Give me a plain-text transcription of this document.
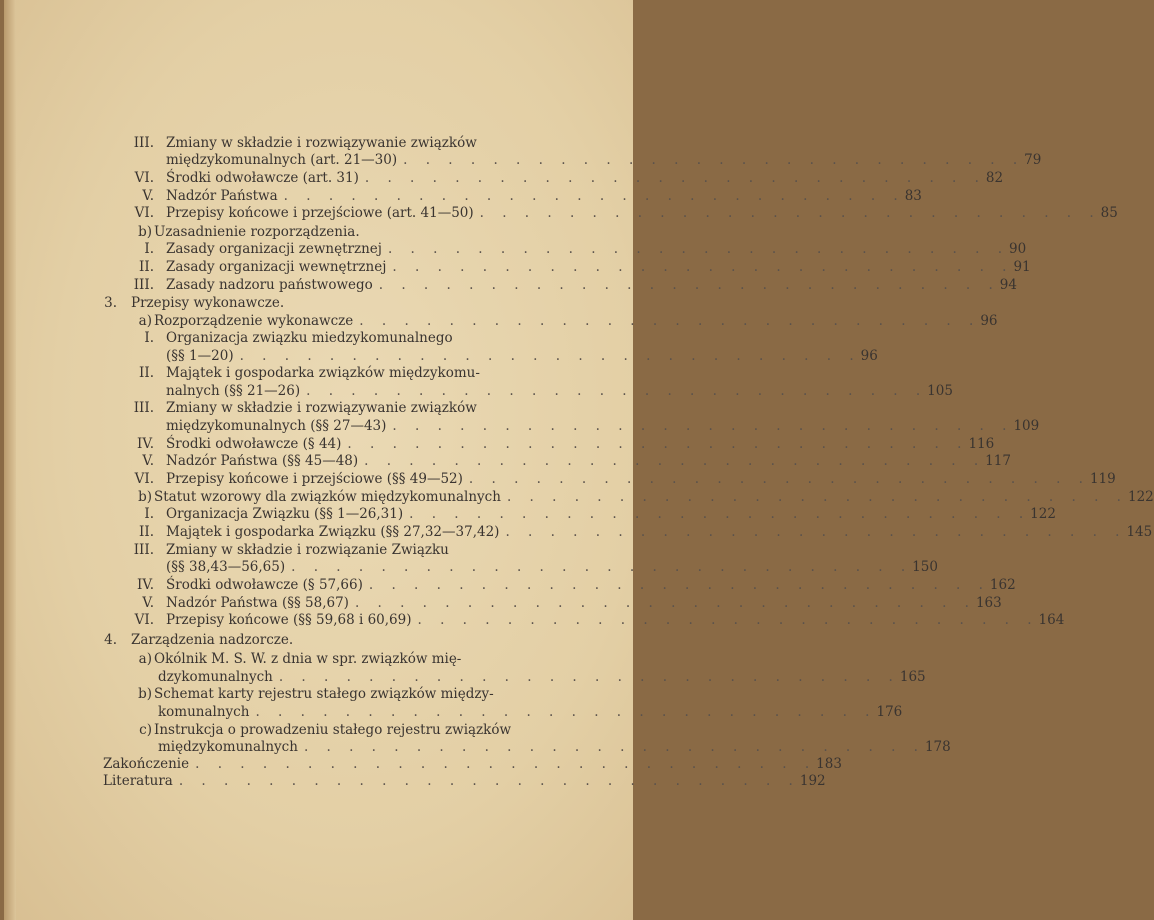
III. Zmiany w składzie i rozwiązywanie związków
międzykomunalnych (art. 21—30) . . . . . . . . . . . . . . . . . . . . . . . . . . . . 79
VI. Środki odwoławcze (art. 31) . . . . . . . . . . . . . . . . . . . . . . . . . . . . 82
V. Nadzór Państwa . . . . . . . . . . . . . . . . . . . . . . . . . . . . 83
VI. Przepisy końcowe i przejściowe (art. 41—50) . . . . . . . . . . . . . . . . . . . . . . . . . . . . 85
b) Uzasadnienie rozporządzenia.
I. Zasady organizacji zewnętrznej . . . . . . . . . . . . . . . . . . . . . . . . . . . . 90
II. Zasady organizacji wewnętrznej . . . . . . . . . . . . . . . . . . . . . . . . . . . . 91
III. Zasady nadzoru państwowego . . . . . . . . . . . . . . . . . . . . . . . . . . . . 94
3. Przepisy wykonawcze.
a) Rozporządzenie wykonawcze . . . . . . . . . . . . . . . . . . . . . . . . . . . . 96
I. Organizacja związku miedzykomunalnego
(§§ 1—20) . . . . . . . . . . . . . . . . . . . . . . . . . . . . 96
II. Majątek i gospodarka związków międzykomu-
nalnych (§§ 21—26) . . . . . . . . . . . . . . . . . . . . . . . . . . . . 105
III. Zmiany w składzie i rozwiązywanie związków
międzykomunalnych (§§ 27—43) . . . . . . . . . . . . . . . . . . . . . . . . . . . . 109
IV. Środki odwoławcze (§ 44) . . . . . . . . . . . . . . . . . . . . . . . . . . . . 116
V. Nadzór Państwa (§§ 45—48) . . . . . . . . . . . . . . . . . . . . . . . . . . . . 117
VI. Przepisy końcowe i przejściowe (§§ 49—52) . . . . . . . . . . . . . . . . . . . . . . . . . . . . 119
b) Statut wzorowy dla związków międzykomunalnych . . . . . . . . . . . . . . . . . . . . . . . . . . . . 122
I. Organizacja Związku (§§ 1—26,31) . . . . . . . . . . . . . . . . . . . . . . . . . . . . 122
II. Majątek i gospodarka Związku (§§ 27,32—37,42) . . . . . . . . . . . . . . . . . . . . . . . . . . . . 145
III. Zmiany w składzie i rozwiązanie Związku
(§§ 38,43—56,65) . . . . . . . . . . . . . . . . . . . . . . . . . . . . 150
IV. Środki odwoławcze (§ 57,66) . . . . . . . . . . . . . . . . . . . . . . . . . . . . 162
V. Nadzór Państwa (§§ 58,67) . . . . . . . . . . . . . . . . . . . . . . . . . . . . 163
VI. Przepisy końcowe (§§ 59,68 i 60,69) . . . . . . . . . . . . . . . . . . . . . . . . . . . . 164
4. Zarządzenia nadzorcze.
a) Okólnik M. S. W. z dnia w spr. związków mię-
dzykomunalnych . . . . . . . . . . . . . . . . . . . . . . . . . . . . 165
b) Schemat karty rejestru stałego związków między-
komunalnych . . . . . . . . . . . . . . . . . . . . . . . . . . . . 176
c) Instrukcja o prowadzeniu stałego rejestru związków
międzykomunalnych . . . . . . . . . . . . . . . . . . . . . . . . . . . . 178
Zakończenie . . . . . . . . . . . . . . . . . . . . . . . . . . . . 183
Literatura . . . . . . . . . . . . . . . . . . . . . . . . . . . . 192
